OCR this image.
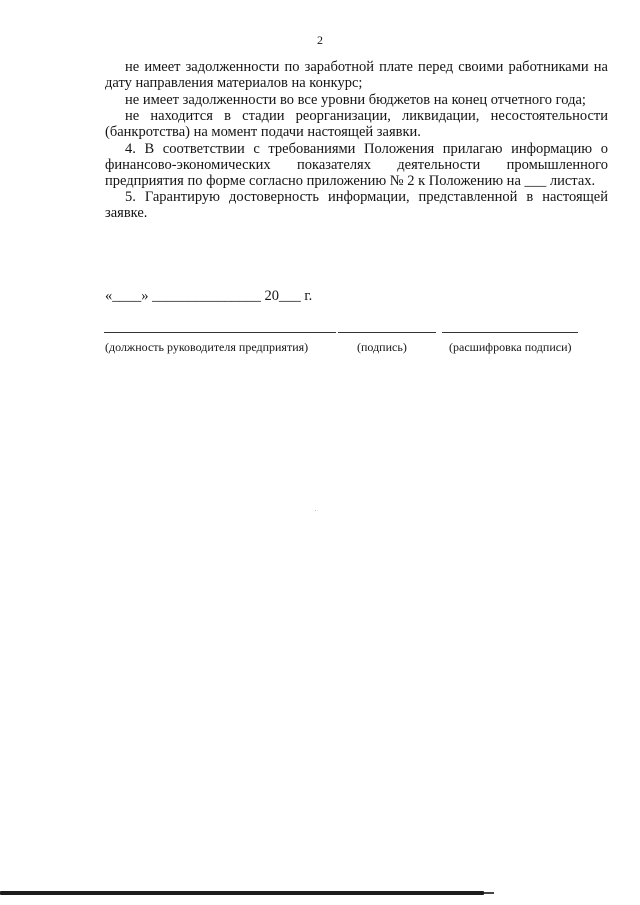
2

не имеет задолженности по заработной плате перед своими работниками на дату направления материалов на конкурс;

не имеет задолженности во все уровни бюджетов на конец отчетного года;

не находится в стадии реорганизации, ликвидации, несостоятельности (банкротства) на момент подачи настоящей заявки.

4. В соответствии с требованиями Положения прилагаю информацию о финансово-экономических показателях деятельности промышленного предприятия по форме согласно приложению № 2 к Положению на ___ листах.

5. Гарантирую достоверность информации, представленной в настоящей заявке.

«____» _______________ 20___ г.
(должность руководителя предприятия)	(подпись)	(расшифровка подписи)
